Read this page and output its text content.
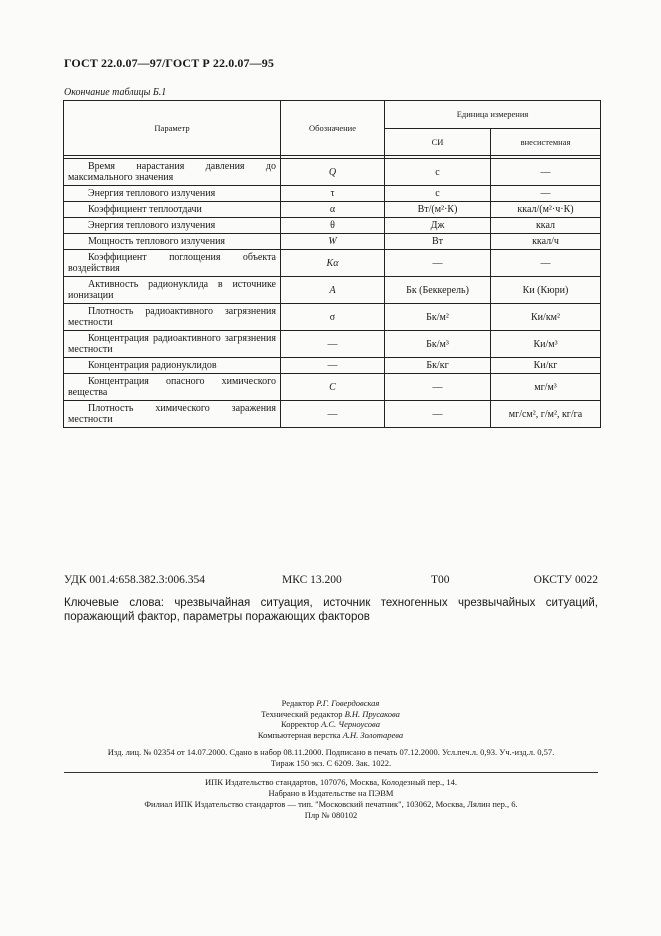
ГОСТ 22.0.07—97/ГОСТ Р 22.0.07—95
Окончание таблицы Б.1
Параметр	Обозначение	Единица измерения	
		СИ	внесистемная

Время нарастания давления до максимального значения	Q	с	—
Энергия теплового излучения	τ	с	—
Коэффициент теплоотдачи	α	Вт/(м²·К)	ккал/(м²·ч·К)
Энергия теплового излучения	θ	Дж	ккал
Мощность теплового излучения	W	Вт	ккал/ч
Коэффициент поглощения объекта воздействия	Kα	—	—
Активность радионуклида в источнике ионизации	A	Бк (Беккерель)	Ки (Кюри)
Плотность радиоактивного загрязнения местности	σ	Бк/м²	Ки/км²
Концентрация радиоактивного загрязнения местности	—	Бк/м³	Ки/м³
Концентрация радионуклидов	—	Бк/кг	Ки/кг
Концентрация опасного химического вещества	C	—	мг/м³
Плотность химического заражения местности	—	—	мг/см², г/м², кг/га
УДК 001.4:658.382.3:006.354	МКС 13.200	Т00	ОКСТУ 0022
Ключевые слова: чрезвычайная ситуация, источник техногенных чрезвычайных ситуаций, поражающий фактор, параметры поражающих факторов
Редактор Р.Г. Говердовская
Технический редактор В.Н. Прусакова
Корректор А.С. Черноусова
Компьютерная верстка А.Н. Золотарева
Изд. лиц. № 02354 от 14.07.2000. Сдано в набор 08.11.2000. Подписано в печать 07.12.2000. Усл.печ.л. 0,93. Уч.-изд.л. 0,57.
Тираж 150 экз. С 6209. Зак. 1022.
ИПК Издательство стандартов, 107076, Москва, Колодезный пер., 14.
Набрано в Издательстве на ПЭВМ
Филиал ИПК Издательство стандартов — тип. "Московский печатник", 103062, Москва, Лялин пер., 6.
Плр № 080102
